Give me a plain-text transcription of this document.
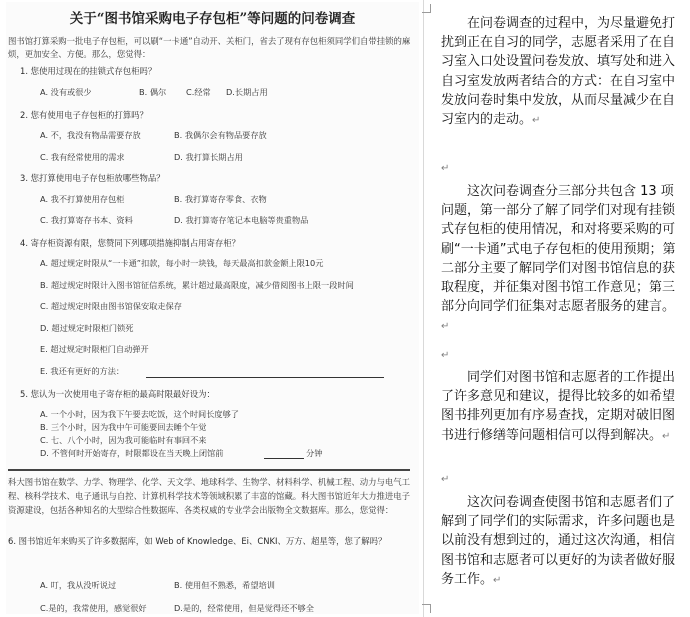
关于“图书馆采购电子存包柜”等问题的问卷调查
图书馆打算采购一批电子存包柜，可以刷“一卡通”自动开、关柜门，省去了现有存包柜须同学们自带挂锁的麻烦，更加安全、方便。那么，您觉得：
1. 您使用过现在的挂锁式存包柜吗？
A. 没有或很少	B. 偶尔 C.经常 D.长期占用
2. 您有使用电子存包柜的打算吗？
A. 不，我没有物品需要存放	B. 我偶尔会有物品要存放
C. 我有经常使用的需求	D. 我打算长期占用
3. 您打算使用电子存包柜放哪些物品？
A. 我不打算使用存包柜	B. 我打算寄存零食、衣物
C. 我打算寄存书本、资料	D. 我打算寄存笔记本电脑等贵重物品
4. 寄存柜资源有限，您赞同下列哪项措施抑制占用寄存柜？
A. 超过规定时限从“一卡通”扣款，每小时一块钱，每天最高扣款金额上限10元
B. 超过规定时限计入图书馆征信系统，累计超过最高限度，减少借阅图书上限一段时间
C. 超过规定时限由图书馆保安取走保存
D. 超过规定时限柜门锁死
E. 超过规定时限柜门自动弹开
E. 我还有更好的方法：
5. 您认为一次使用电子寄存柜的最高时限最好设为：
A. 一个小时，因为我下午要去吃饭，这个时间长度够了
B. 三个小时，因为我中午可能要回去睡个午觉
C. 七、八个小时，因为我可能临时有事回不来
D. 不管何时开始寄存，时限都设在当天晚上闭馆前	分钟
科大图书馆在数学、力学、物理学、化学、天文学、地球科学、生物学、材料科学、机械工程、动力与电气工程、核科学技术、电子通讯与自控、计算机科学技术等领域积累了丰富的馆藏。科大图书馆近年大力推进电子资源建设，包括各种知名的大型综合性数据库、各类权威的专业学会出版物全文数据库。那么，您觉得：
6. 图书馆近年来购买了许多数据库，如 Web of Knowledge、Ei、CNKI、万方、超星等，您了解吗？
A. 叮，我从没听说过	B. 使用但不熟悉，希望培训
C.是的，我常使用，感觉很好	D.是的，经常使用，但是觉得还不够全

在问卷调查的过程中，为尽量避免打扰到正在自习的同学，志愿者采用了在自习室入口处设置问卷发放、填写处和进入自习室发放两者结合的方式：在自习室中发放问卷时集中发放，从而尽量减少在自习室内的走动。↵

↵

这次问卷调查分三部分共包含 13 项问题，第一部分了解了同学们对现有挂锁式存包柜的使用情况，和对将要采购的可刷“一卡通”式电子存包柜的使用预期；第二部分主要了解同学们对图书馆信息的获取程度，并征集对图书馆工作意见；第三部分向同学们征集对志愿者服务的建言。↵

↵

同学们对图书馆和志愿者的工作提出了许多意见和建议，提得比较多的如希望图书排列更加有序易查找，定期对破旧图书进行修缮等问题相信可以得到解决。↵

↵

这次问卷调查使图书馆和志愿者们了解到了同学们的实际需求，许多问题也是以前没有想到过的，通过这次沟通，相信图书馆和志愿者可以更好的为读者做好服务工作。↵
